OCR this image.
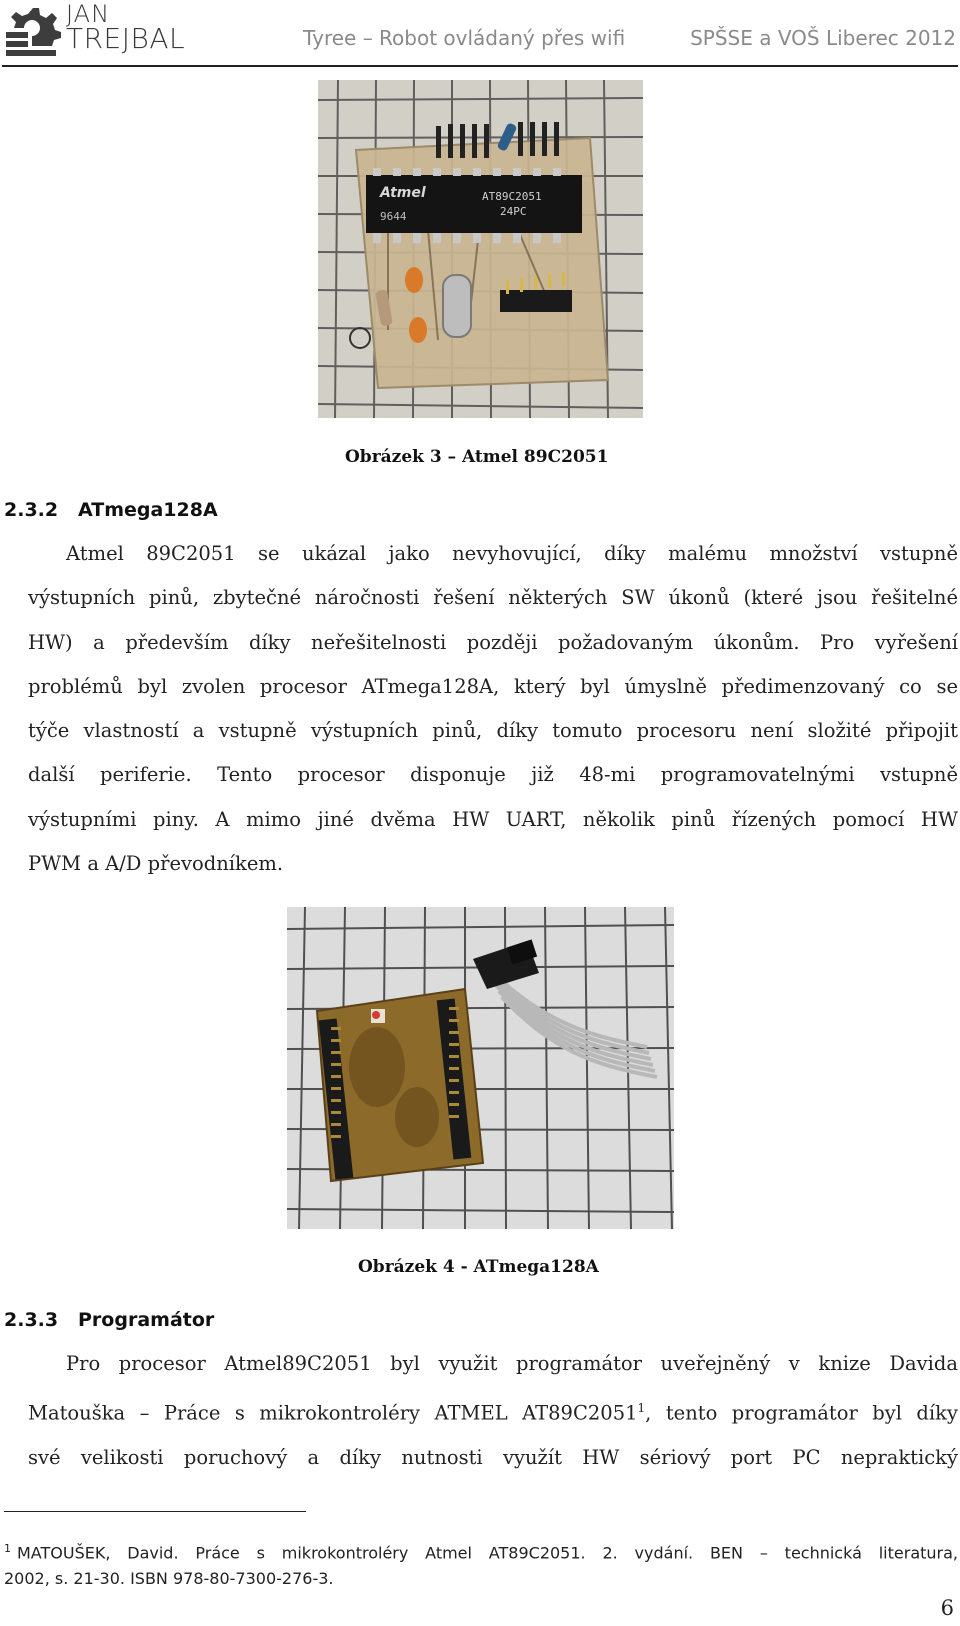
JAN
TREJBAL	Tyree – Robot ovládaný přes wifi	SPŠSE a VOŠ Liberec 2012
Atmel
9644
AT89C2051
24PC
Obrázek 3 – Atmel 89C2051
2.3.2 ATmega128A
Atmel 89C2051 se ukázal jako nevyhovující, díky malému množství vstupně
výstupních pinů, zbytečné náročnosti řešení některých SW úkonů (které jsou řešitelné
HW) a především díky neřešitelnosti později požadovaným úkonům. Pro vyřešení
problémů byl zvolen procesor ATmega128A, který byl úmyslně předimenzovaný co se
týče vlastností a vstupně výstupních pinů, díky tomuto procesoru není složité připojit
další periferie. Tento procesor disponuje již 48-mi programovatelnými vstupně
výstupními piny. A mimo jiné dvěma HW UART, několik pinů řízených pomocí HW
PWM a A/D převodníkem.
Obrázek 4 - ATmega128A
2.3.3 Programátor
Pro procesor Atmel89C2051 byl využit programátor uveřejněný v knize Davida
Matouška – Práce s mikrokontroléry ATMEL AT89C2051$^1$, tento programátor byl díky
své velikosti poruchový a díky nutnosti využít HW sériový port PC nepraktický
$^1$ MATOUŠEK, David. Práce s mikrokontroléry Atmel AT89C2051. 2. vydání. BEN – technická literatura,
2002, s. 21-30. ISBN 978-80-7300-276-3.
6
